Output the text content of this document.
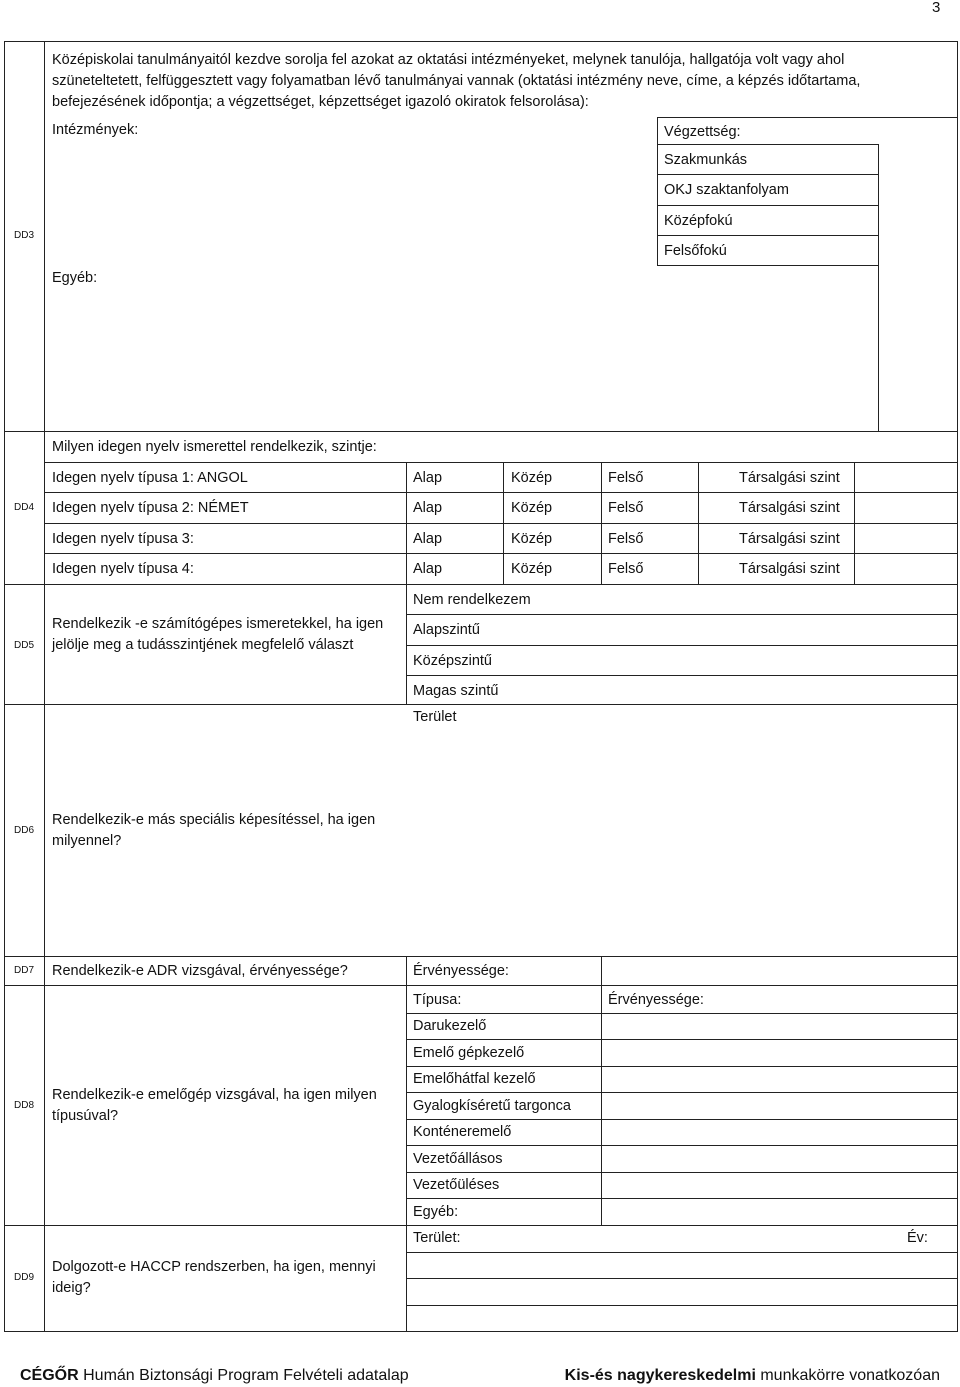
3
DD3
Középiskolai tanulmányaitól kezdve sorolja fel azokat az oktatási intézményeket, melynek tanulója, hallgatója volt vagy ahol
szüneteltetett, felfüggesztett vagy folyamatban lévő tanulmányai vannak (oktatási intézmény neve, címe, a képzés időtartama,
befejezésének időpontja; a végzettséget, képzettséget igazoló okiratok felsorolása):
Intézmények:
Egyéb:
Végzettség:
Szakmunkás
OKJ szaktanfolyam
Középfokú
Felsőfokú
DD4
Milyen idegen nyelv ismerettel rendelkezik, szintje:
Idegen nyelv típusa 1: ANGOL	Alap	Közép	Felső	Társalgási szint
Idegen nyelv típusa 2: NÉMET	Alap	Közép	Felső	Társalgási szint
Idegen nyelv típusa 3:	Alap	Közép	Felső	Társalgási szint
Idegen nyelv típusa 4:	Alap	Közép	Felső	Társalgási szint
DD5
Rendelkezik -e számítógépes ismeretekkel, ha igen jelölje meg a tudásszintjének megfelelő választ
Nem rendelkezem
Alapszintű
Középszintű
Magas szintű
Terület
DD6
Rendelkezik-e más speciális képesítéssel, ha igen milyennel?
DD7 Rendelkezik-e ADR vizsgával, érvényessége?	Érvényessége:
DD8
Rendelkezik-e emelőgép vizsgával, ha igen milyen típusúval?
Típusa:	Érvényessége:
Darukezelő
Emelő gépkezelő
Emelőhátfal kezelő
Gyalogkíséretű targonca
Konténeremelő
Vezetőállásos
Vezetőüléses
Egyéb:
DD9
Dolgozott-e HACCP rendszerben, ha igen, mennyi ideig?
Terület:	Év:
CÉGŐR Humán Biztonsági Program Felvételi adatalap	Kis-és nagykereskedelmi munkakörre vonatkozóan
